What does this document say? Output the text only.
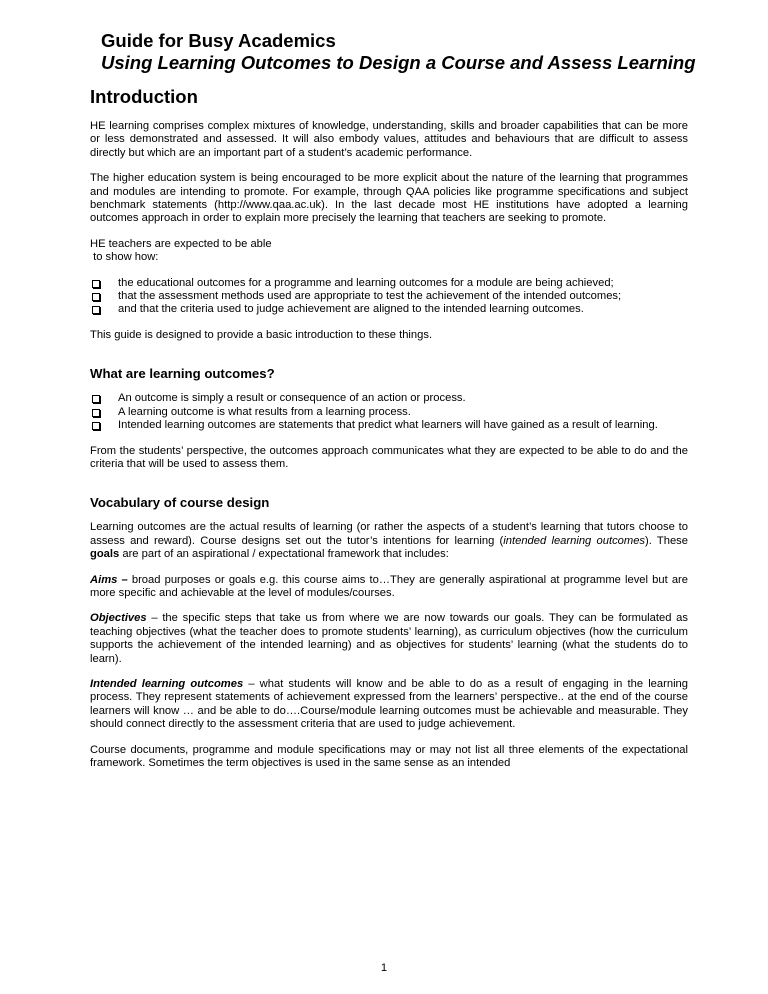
Guide for Busy Academics
Using Learning Outcomes to Design a Course and Assess Learning
Introduction

HE learning comprises complex mixtures of knowledge, understanding, skills and broader capabilities that can be more or less demonstrated and assessed. It will also embody values, attitudes and behaviours that are difficult to assess directly but which are an important part of a student’s academic performance.

The higher education system is being encouraged to be more explicit about the nature of the learning that programmes and modules are intending to promote. For example, through QAA policies like programme specifications and subject benchmark statements (http://www.qaa.ac.uk). In the last decade most HE institutions have adopted a learning outcomes approach in order to explain more precisely the learning that teachers are seeking to promote.

HE teachers are expected to be able
to show how:

the educational outcomes for a programme and learning outcomes for a module are being achieved;
that the assessment methods used are appropriate to test the achievement of the intended outcomes;
and that the criteria used to judge achievement are aligned to the intended learning outcomes.

This guide is designed to provide a basic introduction to these things.

What are learning outcomes?
An outcome is simply a result or consequence of an action or process.
A learning outcome is what results from a learning process.
Intended learning outcomes are statements that predict what learners will have gained as a result of learning.

From the students’ perspective, the outcomes approach communicates what they are expected to be able to do and the criteria that will be used to assess them.

Vocabulary of course design

Learning outcomes are the actual results of learning (or rather the aspects of a student’s learning that tutors choose to assess and reward). Course designs set out the tutor’s intentions for learning (intended learning outcomes). These goals are part of an aspirational / expectational framework that includes:

Aims – broad purposes or goals e.g. this course aims to…They are generally aspirational at programme level but are more specific and achievable at the level of modules/courses.

Objectives – the specific steps that take us from where we are now towards our goals. They can be formulated as teaching objectives (what the teacher does to promote students’ learning), as curriculum objectives (how the curriculum supports the achievement of the intended learning) and as objectives for students’ learning (what the students do to learn).

Intended learning outcomes – what students will know and be able to do as a result of engaging in the learning process. They represent statements of achievement expressed from the learners’ perspective.. at the end of the course learners will know … and be able to do….Course/module learning outcomes must be achievable and measurable. They should connect directly to the assessment criteria that are used to judge achievement.

Course documents, programme and module specifications may or may not list all three elements of the expectational framework. Sometimes the term objectives is used in the same sense as an intended

1
